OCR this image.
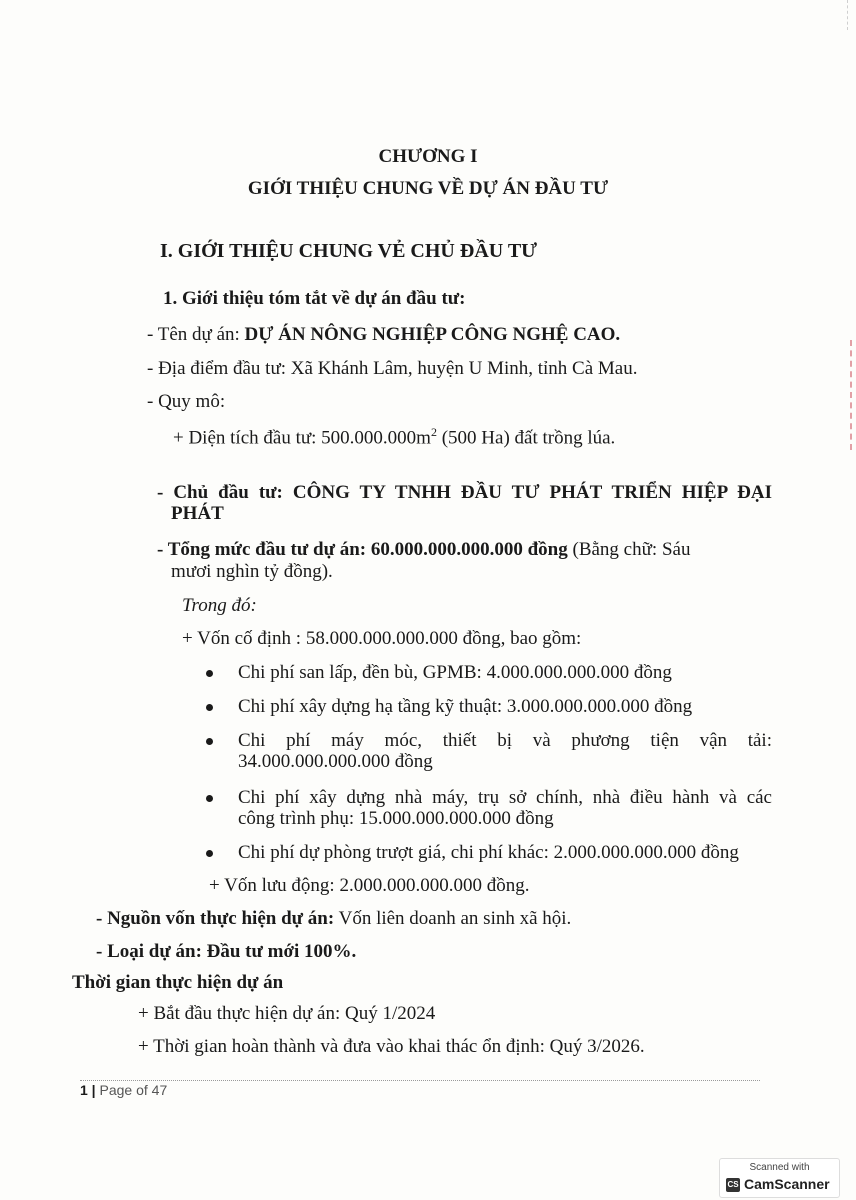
CHƯƠNG I
GIỚI THIỆU CHUNG VỀ DỰ ÁN ĐẦU TƯ
I. GIỚI THIỆU CHUNG VẺ CHỦ ĐẦU TƯ
1. Giới thiệu tóm tắt về dự án đầu tư:
- Tên dự án: DỰ ÁN NÔNG NGHIỆP CÔNG NGHỆ CAO.
- Địa điểm đầu tư: Xã Khánh Lâm, huyện U Minh, tỉnh Cà Mau.
- Quy mô:
+ Diện tích đầu tư: $500.000.000m^2$ (500 Ha) đất trồng lúa.
- Chủ đầu tư: CÔNG TY TNHH ĐẦU TƯ PHÁT TRIỂN HIỆP ĐẠI
PHÁT
- Tổng mức đầu tư dự án: 60.000.000.000.000 đồng (Bằng chữ: Sáu
mươi nghìn tỷ đồng).
Trong đó:
+ Vốn cố định : 58.000.000.000.000 đồng, bao gồm:
Chi phí san lấp, đền bù, GPMB: 4.000.000.000.000 đồng
Chi phí xây dựng hạ tầng kỹ thuật: 3.000.000.000.000 đồng
Chi phí máy móc, thiết bị và phương tiện vận tải:
34.000.000.000.000 đồng
Chi phí xây dựng nhà máy, trụ sở chính, nhà điều hành và các
công trình phụ: 15.000.000.000.000 đồng
Chi phí dự phòng trượt giá, chi phí khác: 2.000.000.000.000 đồng
+ Vốn lưu động: 2.000.000.000.000 đồng.
- Nguồn vốn thực hiện dự án: Vốn liên doanh an sinh xã hội.
- Loại dự án: Đầu tư mới 100%.
Thời gian thực hiện dự án
+ Bắt đầu thực hiện dự án: Quý 1/2024
+ Thời gian hoàn thành và đưa vào khai thác ổn định: Quý 3/2026.
1 | Page of 47
Scanned with
CS CamScanner
